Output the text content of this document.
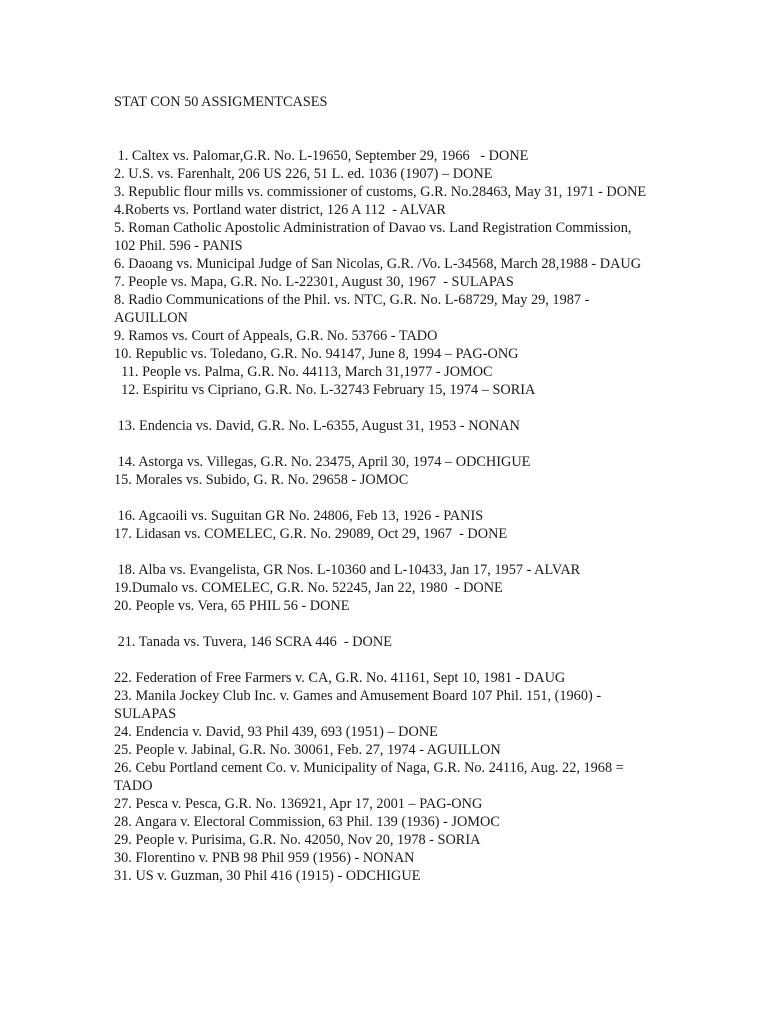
STAT CON 50 ASSIGMENTCASES
1. Caltex vs. Palomar,G.R. No. L-19650, September 29, 1966   - DONE
2. U.S. vs. Farenhalt, 206 US 226, 51 L. ed. 1036 (1907) – DONE
3. Republic flour mills vs. commissioner of customs, G.R. No.28463, May 31, 1971 - DONE
4.Roberts vs. Portland water district, 126 A 112  - ALVAR
5. Roman Catholic Apostolic Administration of Davao vs. Land Registration Commission, 102 Phil. 596 - PANIS
6. Daoang vs. Municipal Judge of San Nicolas, G.R. /Vo. L-34568, March 28,1988 - DAUG
7. People vs. Mapa, G.R. No. L-22301, August 30, 1967  - SULAPAS
8. Radio Communications of the Phil. vs. NTC, G.R. No. L-68729, May 29, 1987 - AGUILLON
9. Ramos vs. Court of Appeals, G.R. No. 53766 - TADO
10. Republic vs. Toledano, G.R. No. 94147, June 8, 1994 – PAG-ONG
11. People vs. Palma, G.R. No. 44113, March 31,1977 - JOMOC
12. Espiritu vs Cipriano, G.R. No. L-32743 February 15, 1974 – SORIA
13. Endencia vs. David, G.R. No. L-6355, August 31, 1953 - NONAN
14. Astorga vs. Villegas, G.R. No. 23475, April 30, 1974 – ODCHIGUE
15. Morales vs. Subido, G. R. No. 29658 - JOMOC
16. Agcaoili vs. Suguitan GR No. 24806, Feb 13, 1926 - PANIS
17. Lidasan vs. COMELEC, G.R. No. 29089, Oct 29, 1967  - DONE
18. Alba vs. Evangelista, GR Nos. L-10360 and L-10433, Jan 17, 1957 - ALVAR
19.Dumalo vs. COMELEC, G.R. No. 52245, Jan 22, 1980  - DONE
20. People vs. Vera, 65 PHIL 56 - DONE
21. Tanada vs. Tuvera, 146 SCRA 446  - DONE
22. Federation of Free Farmers v. CA, G.R. No. 41161, Sept 10, 1981 - DAUG
23. Manila Jockey Club Inc. v. Games and Amusement Board 107 Phil. 151, (1960) - SULAPAS
24. Endencia v. David, 93 Phil 439, 693 (1951) – DONE
25. People v. Jabinal, G.R. No. 30061, Feb. 27, 1974 - AGUILLON
26. Cebu Portland cement Co. v. Municipality of Naga, G.R. No. 24116, Aug. 22, 1968 = TADO
27. Pesca v. Pesca, G.R. No. 136921, Apr 17, 2001 – PAG-ONG
28. Angara v. Electoral Commission, 63 Phil. 139 (1936) - JOMOC
29. People v. Purisima, G.R. No. 42050, Nov 20, 1978 - SORIA
30. Florentino v. PNB 98 Phil 959 (1956) - NONAN
31. US v. Guzman, 30 Phil 416 (1915) - ODCHIGUE
